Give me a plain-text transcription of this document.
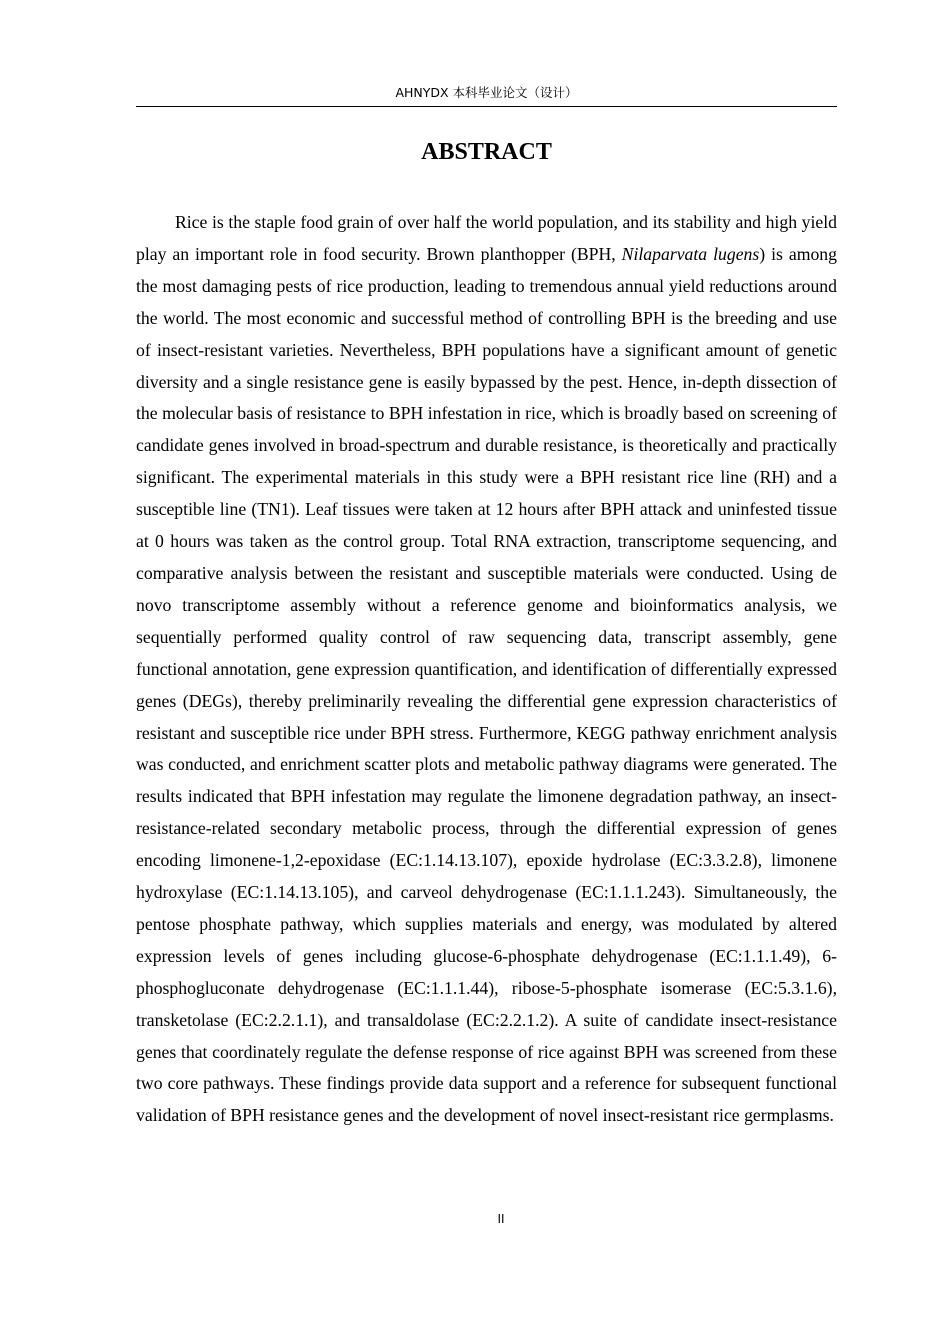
AHNYDX 本科毕业论文（设计）
ABSTRACT

Rice is the staple food grain of over half the world population, and its stability and high yield play an important role in food security. Brown planthopper (BPH, Nilaparvata lugens) is among the most damaging pests of rice production, leading to tremendous annual yield reductions around the world. The most economic and successful method of controlling BPH is the breeding and use of insect-resistant varieties. Nevertheless, BPH populations have a significant amount of genetic diversity and a single resistance gene is easily bypassed by the pest. Hence, in-depth dissection of the molecular basis of resistance to BPH infestation in rice, which is broadly based on screening of candidate genes involved in broad-spectrum and durable resistance, is theoretically and practically significant. The experimental materials in this study were a BPH resistant rice line (RH) and a susceptible line (TN1). Leaf tissues were taken at 12 hours after BPH attack and uninfested tissue at 0 hours was taken as the control group. Total RNA extraction, transcriptome sequencing, and comparative analysis between the resistant and susceptible materials were conducted. Using de novo transcriptome assembly without a reference genome and bioinformatics analysis, we sequentially performed quality control of raw sequencing data, transcript assembly, gene functional annotation, gene expression quantification, and identification of differentially expressed genes (DEGs), thereby preliminarily revealing the differential gene expression characteristics of resistant and susceptible rice under BPH stress. Furthermore, KEGG pathway enrichment analysis was conducted, and enrichment scatter plots and metabolic pathway diagrams were generated. The results indicated that BPH infestation may regulate the limonene degradation pathway, an insect-resistance-related secondary metabolic process, through the differential expression of genes encoding limonene-1,2-epoxidase (EC:1.14.13.107), epoxide hydrolase (EC:3.3.2.8), limonene hydroxylase (EC:1.14.13.105), and carveol dehydrogenase (EC:1.1.1.243). Simultaneously, the pentose phosphate pathway, which supplies materials and energy, was modulated by altered expression levels of genes including glucose-6-phosphate dehydrogenase (EC:1.1.1.49), 6-phosphogluconate dehydrogenase (EC:1.1.1.44), ribose-5-phosphate isomerase (EC:5.3.1.6), transketolase (EC:2.2.1.1), and transaldolase (EC:2.2.1.2). A suite of candidate insect-resistance genes that coordinately regulate the defense response of rice against BPH was screened from these two core pathways. These findings provide data support and a reference for subsequent functional validation of BPH resistance genes and the development of novel insect-resistant rice germplasms.

II
